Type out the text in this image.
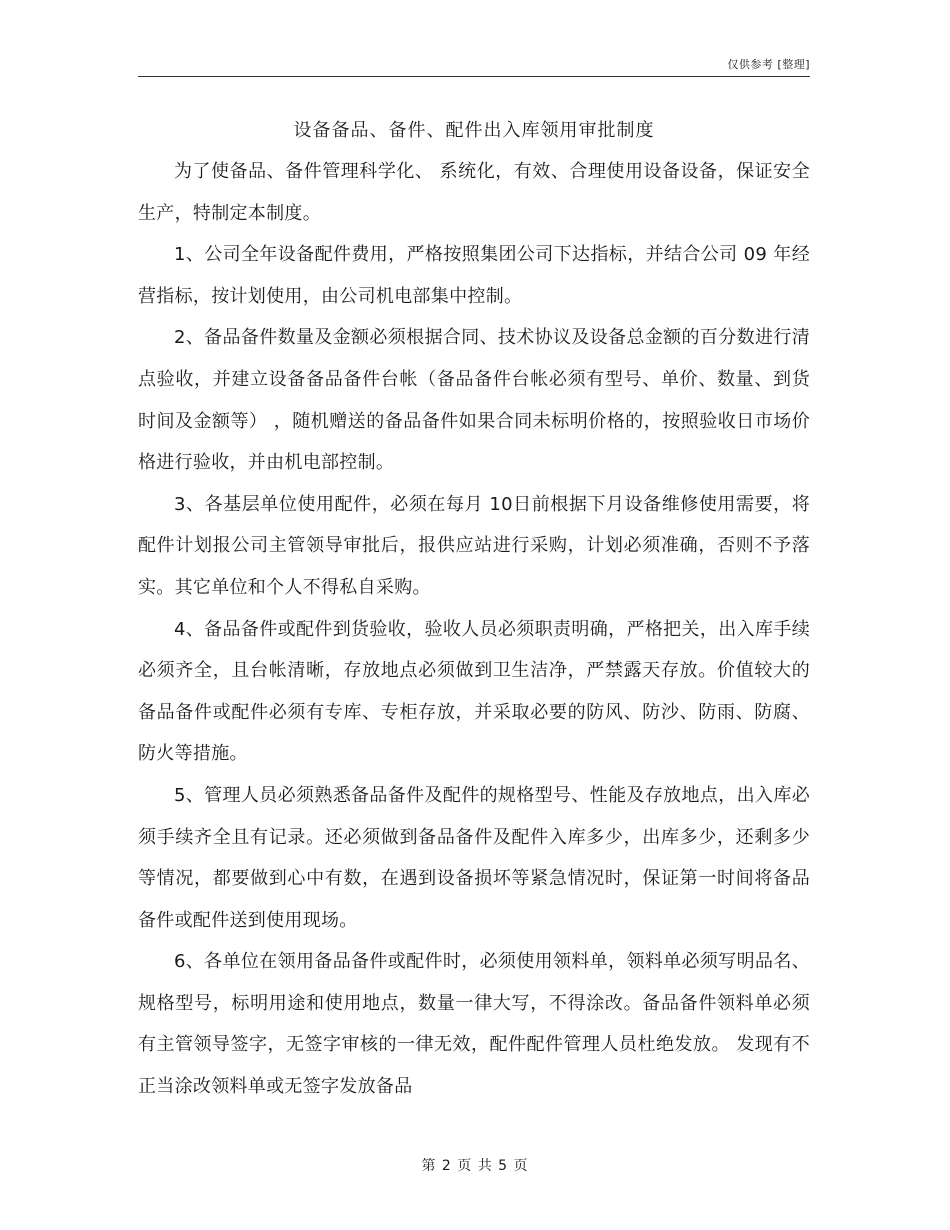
仅供参考 [整理]
设备备品、备件、配件出入库领用审批制度

为了使备品、备件管理科学化、 系统化，有效、合理使用设备设备，保证安全生产，特制定本制度。

1、公司全年设备配件费用，严格按照集团公司下达指标，并结合公司 09 年经营指标，按计划使用，由公司机电部集中控制。

2、备品备件数量及金额必须根据合同、技术协议及设备总金额的百分数进行清点验收，并建立设备备品备件台帐（备品备件台帐必须有型号、单价、数量、到货时间及金额等） ，随机赠送的备品备件如果合同未标明价格的，按照验收日市场价格进行验收，并由机电部控制。

3、各基层单位使用配件，必须在每月 10日前根据下月设备维修使用需要，将配件计划报公司主管领导审批后，报供应站进行采购，计划必须准确，否则不予落实。其它单位和个人不得私自采购。

4、备品备件或配件到货验收，验收人员必须职责明确，严格把关，出入库手续必须齐全，且台帐清晰，存放地点必须做到卫生洁净，严禁露天存放。价值较大的备品备件或配件必须有专库、专柜存放，并采取必要的防风、防沙、防雨、防腐、防火等措施。

5、管理人员必须熟悉备品备件及配件的规格型号、性能及存放地点，出入库必须手续齐全且有记录。还必须做到备品备件及配件入库多少，出库多少，还剩多少等情况，都要做到心中有数，在遇到设备损坏等紧急情况时，保证第一时间将备品备件或配件送到使用现场。

6、各单位在领用备品备件或配件时，必须使用领料单，领料单必须写明品名、规格型号，标明用途和使用地点，数量一律大写，不得涂改。备品备件领料单必须有主管领导签字，无签字审核的一律无效，配件配件管理人员杜绝发放。 发现有不正当涂改领料单或无签字发放备品

第 2 页 共 5 页
